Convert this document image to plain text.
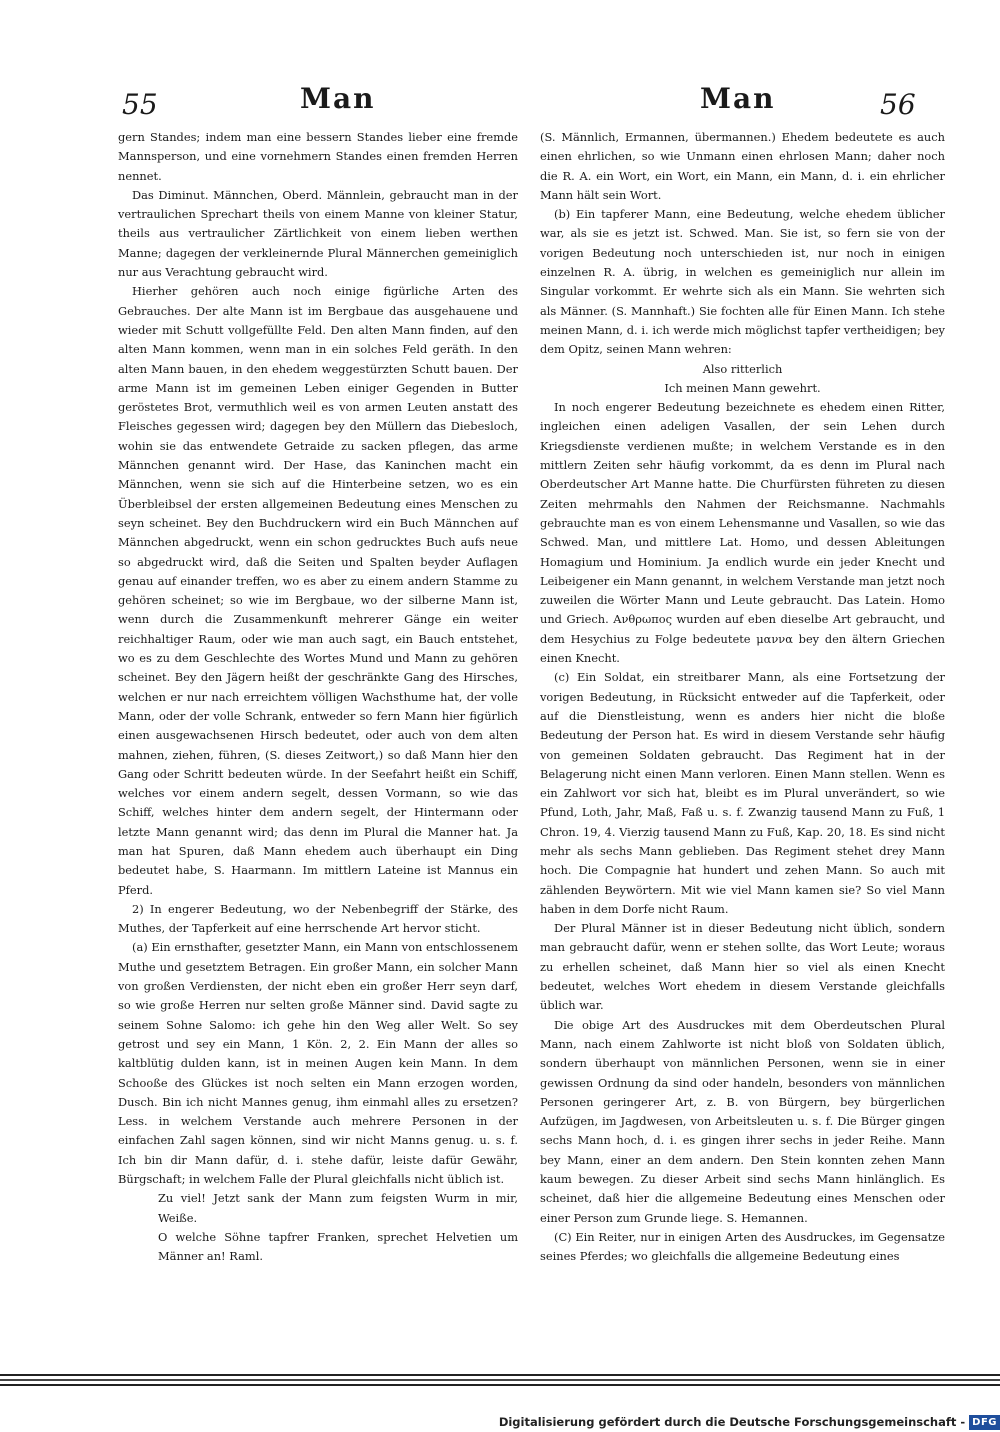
55	Man	Man	56

gern Standes; indem man eine bessern Standes lieber eine fremde Mannsperson, und eine vornehmern Standes einen fremden Herren nennet.

Das Diminut. Männchen, Oberd. Männlein, gebraucht man in der vertraulichen Sprechart theils von einem Manne von kleiner Statur, theils aus vertraulicher Zärtlichkeit von einem lieben werthen Manne; dagegen der verkleinernde Plural Männerchen gemeiniglich nur aus Verachtung gebraucht wird.

Hierher gehören auch noch einige figürliche Arten des Gebrauches. Der alte Mann ist im Bergbaue das ausgehauene und wieder mit Schutt vollgefüllte Feld. Den alten Mann finden, auf den alten Mann kommen, wenn man in ein solches Feld geräth. In den alten Mann bauen, in den ehedem weggestürzten Schutt bauen. Der arme Mann ist im gemeinen Leben einiger Gegenden in Butter geröstetes Brot, vermuthlich weil es von armen Leuten anstatt des Fleisches gegessen wird; dagegen bey den Müllern das Diebesloch, wohin sie das entwendete Getraide zu sacken pflegen, das arme Männchen genannt wird. Der Hase, das Kaninchen macht ein Männchen, wenn sie sich auf die Hinterbeine setzen, wo es ein Überbleibsel der ersten allgemeinen Bedeutung eines Menschen zu seyn scheinet. Bey den Buchdruckern wird ein Buch Männchen auf Männchen abgedruckt, wenn ein schon gedrucktes Buch aufs neue so abgedruckt wird, daß die Seiten und Spalten beyder Auflagen genau auf einander treffen, wo es aber zu einem andern Stamme zu gehören scheinet; so wie im Bergbaue, wo der silberne Mann ist, wenn durch die Zusammenkunft mehrerer Gänge ein weiter reichhaltiger Raum, oder wie man auch sagt, ein Bauch entstehet, wo es zu dem Geschlechte des Wortes Mund und Mann zu gehören scheinet. Bey den Jägern heißt der geschränkte Gang des Hirsches, welchen er nur nach erreichtem völligen Wachsthume hat, der volle Mann, oder der volle Schrank, entweder so fern Mann hier figürlich einen ausgewachsenen Hirsch bedeutet, oder auch von dem alten mahnen, ziehen, führen, (S. dieses Zeitwort,) so daß Mann hier den Gang oder Schritt bedeuten würde. In der Seefahrt heißt ein Schiff, welches vor einem andern segelt, dessen Vormann, so wie das Schiff, welches hinter dem andern segelt, der Hintermann oder letzte Mann genannt wird; das denn im Plural die Manner hat. Ja man hat Spuren, daß Mann ehedem auch überhaupt ein Ding bedeutet habe, S. Haarmann. Im mittlern Lateine ist Mannus ein Pferd.

2) In engerer Bedeutung, wo der Nebenbegriff der Stärke, des Muthes, der Tapferkeit auf eine herrschende Art hervor sticht.

(a) Ein ernsthafter, gesetzter Mann, ein Mann von entschlossenem Muthe und gesetztem Betragen. Ein großer Mann, ein solcher Mann von großen Verdiensten, der nicht eben ein großer Herr seyn darf, so wie große Herren nur selten große Männer sind. David sagte zu seinem Sohne Salomo: ich gehe hin den Weg aller Welt. So sey getrost und sey ein Mann, 1 Kön. 2, 2. Ein Mann der alles so kaltblütig dulden kann, ist in meinen Augen kein Mann. In dem Schooße des Glückes ist noch selten ein Mann erzogen worden, Dusch. Bin ich nicht Mannes genug, ihm einmahl alles zu ersetzen? Less. in welchem Verstande auch mehrere Personen in der einfachen Zahl sagen können, sind wir nicht Manns genug. u. s. f. Ich bin dir Mann dafür, d. i. stehe dafür, leiste dafür Gewähr, Bürgschaft; in welchem Falle der Plural gleichfalls nicht üblich ist.

Zu viel! Jetzt sank der Mann zum feigsten Wurm in mir, Weiße.

O welche Söhne tapfrer Franken, sprechet Helvetien um Männer an! Raml.

(S. Männlich, Ermannen, übermannen.) Ehedem bedeutete es auch einen ehrlichen, so wie Unmann einen ehrlosen Mann; daher noch die R. A. ein Wort, ein Wort, ein Mann, ein Mann, d. i. ein ehrlicher Mann hält sein Wort.

(b) Ein tapferer Mann, eine Bedeutung, welche ehedem üblicher war, als sie es jetzt ist. Schwed. Man. Sie ist, so fern sie von der vorigen Bedeutung noch unterschieden ist, nur noch in einigen einzelnen R. A. übrig, in welchen es gemeiniglich nur allein im Singular vorkommt. Er wehrte sich als ein Mann. Sie wehrten sich als Männer. (S. Mannhaft.) Sie fochten alle für Einen Mann. Ich stehe meinen Mann, d. i. ich werde mich möglichst tapfer vertheidigen; bey dem Opitz, seinen Mann wehren:

Also ritterlich

Ich meinen Mann gewehrt.

In noch engerer Bedeutung bezeichnete es ehedem einen Ritter, ingleichen einen adeligen Vasallen, der sein Lehen durch Kriegsdienste verdienen mußte; in welchem Verstande es in den mittlern Zeiten sehr häufig vorkommt, da es denn im Plural nach Oberdeutscher Art Manne hatte. Die Churfürsten führeten zu diesen Zeiten mehrmahls den Nahmen der Reichsmanne. Nachmahls gebrauchte man es von einem Lehensmanne und Vasallen, so wie das Schwed. Man, und mittlere Lat. Homo, und dessen Ableitungen Homagium und Hominium. Ja endlich wurde ein jeder Knecht und Leibeigener ein Mann genannt, in welchem Verstande man jetzt noch zuweilen die Wörter Mann und Leute gebraucht. Das Latein. Homo und Griech. Ανθρωπος wurden auf eben dieselbe Art gebraucht, und dem Hesychius zu Folge bedeutete μαννα bey den ältern Griechen einen Knecht.

(c) Ein Soldat, ein streitbarer Mann, als eine Fortsetzung der vorigen Bedeutung, in Rücksicht entweder auf die Tapferkeit, oder auf die Dienstleistung, wenn es anders hier nicht die bloße Bedeutung der Person hat. Es wird in diesem Verstande sehr häufig von gemeinen Soldaten gebraucht. Das Regiment hat in der Belagerung nicht einen Mann verloren. Einen Mann stellen. Wenn es ein Zahlwort vor sich hat, bleibt es im Plural unverändert, so wie Pfund, Loth, Jahr, Maß, Faß u. s. f. Zwanzig tausend Mann zu Fuß, 1 Chron. 19, 4. Vierzig tausend Mann zu Fuß, Kap. 20, 18. Es sind nicht mehr als sechs Mann geblieben. Das Regiment stehet drey Mann hoch. Die Compagnie hat hundert und zehen Mann. So auch mit zählenden Beywörtern. Mit wie viel Mann kamen sie? So viel Mann haben in dem Dorfe nicht Raum.

Der Plural Männer ist in dieser Bedeutung nicht üblich, sondern man gebraucht dafür, wenn er stehen sollte, das Wort Leute; woraus zu erhellen scheinet, daß Mann hier so viel als einen Knecht bedeutet, welches Wort ehedem in diesem Verstande gleichfalls üblich war.

Die obige Art des Ausdruckes mit dem Oberdeutschen Plural Mann, nach einem Zahlworte ist nicht bloß von Soldaten üblich, sondern überhaupt von männlichen Personen, wenn sie in einer gewissen Ordnung da sind oder handeln, besonders von männlichen Personen geringerer Art, z. B. von Bürgern, bey bürgerlichen Aufzügen, im Jagdwesen, von Arbeitsleuten u. s. f. Die Bürger gingen sechs Mann hoch, d. i. es gingen ihrer sechs in jeder Reihe. Mann bey Mann, einer an dem andern. Den Stein konnten zehen Mann kaum bewegen. Zu dieser Arbeit sind sechs Mann hinlänglich. Es scheinet, daß hier die allgemeine Bedeutung eines Menschen oder einer Person zum Grunde liege. S. Hemannen.

(C) Ein Reiter, nur in einigen Arten des Ausdruckes, im Gegensatze seines Pferdes; wo gleichfalls die allgemeine Bedeutung eines

Digitalisierung gefördert durch die Deutsche Forschungsgemeinschaft - DFG
